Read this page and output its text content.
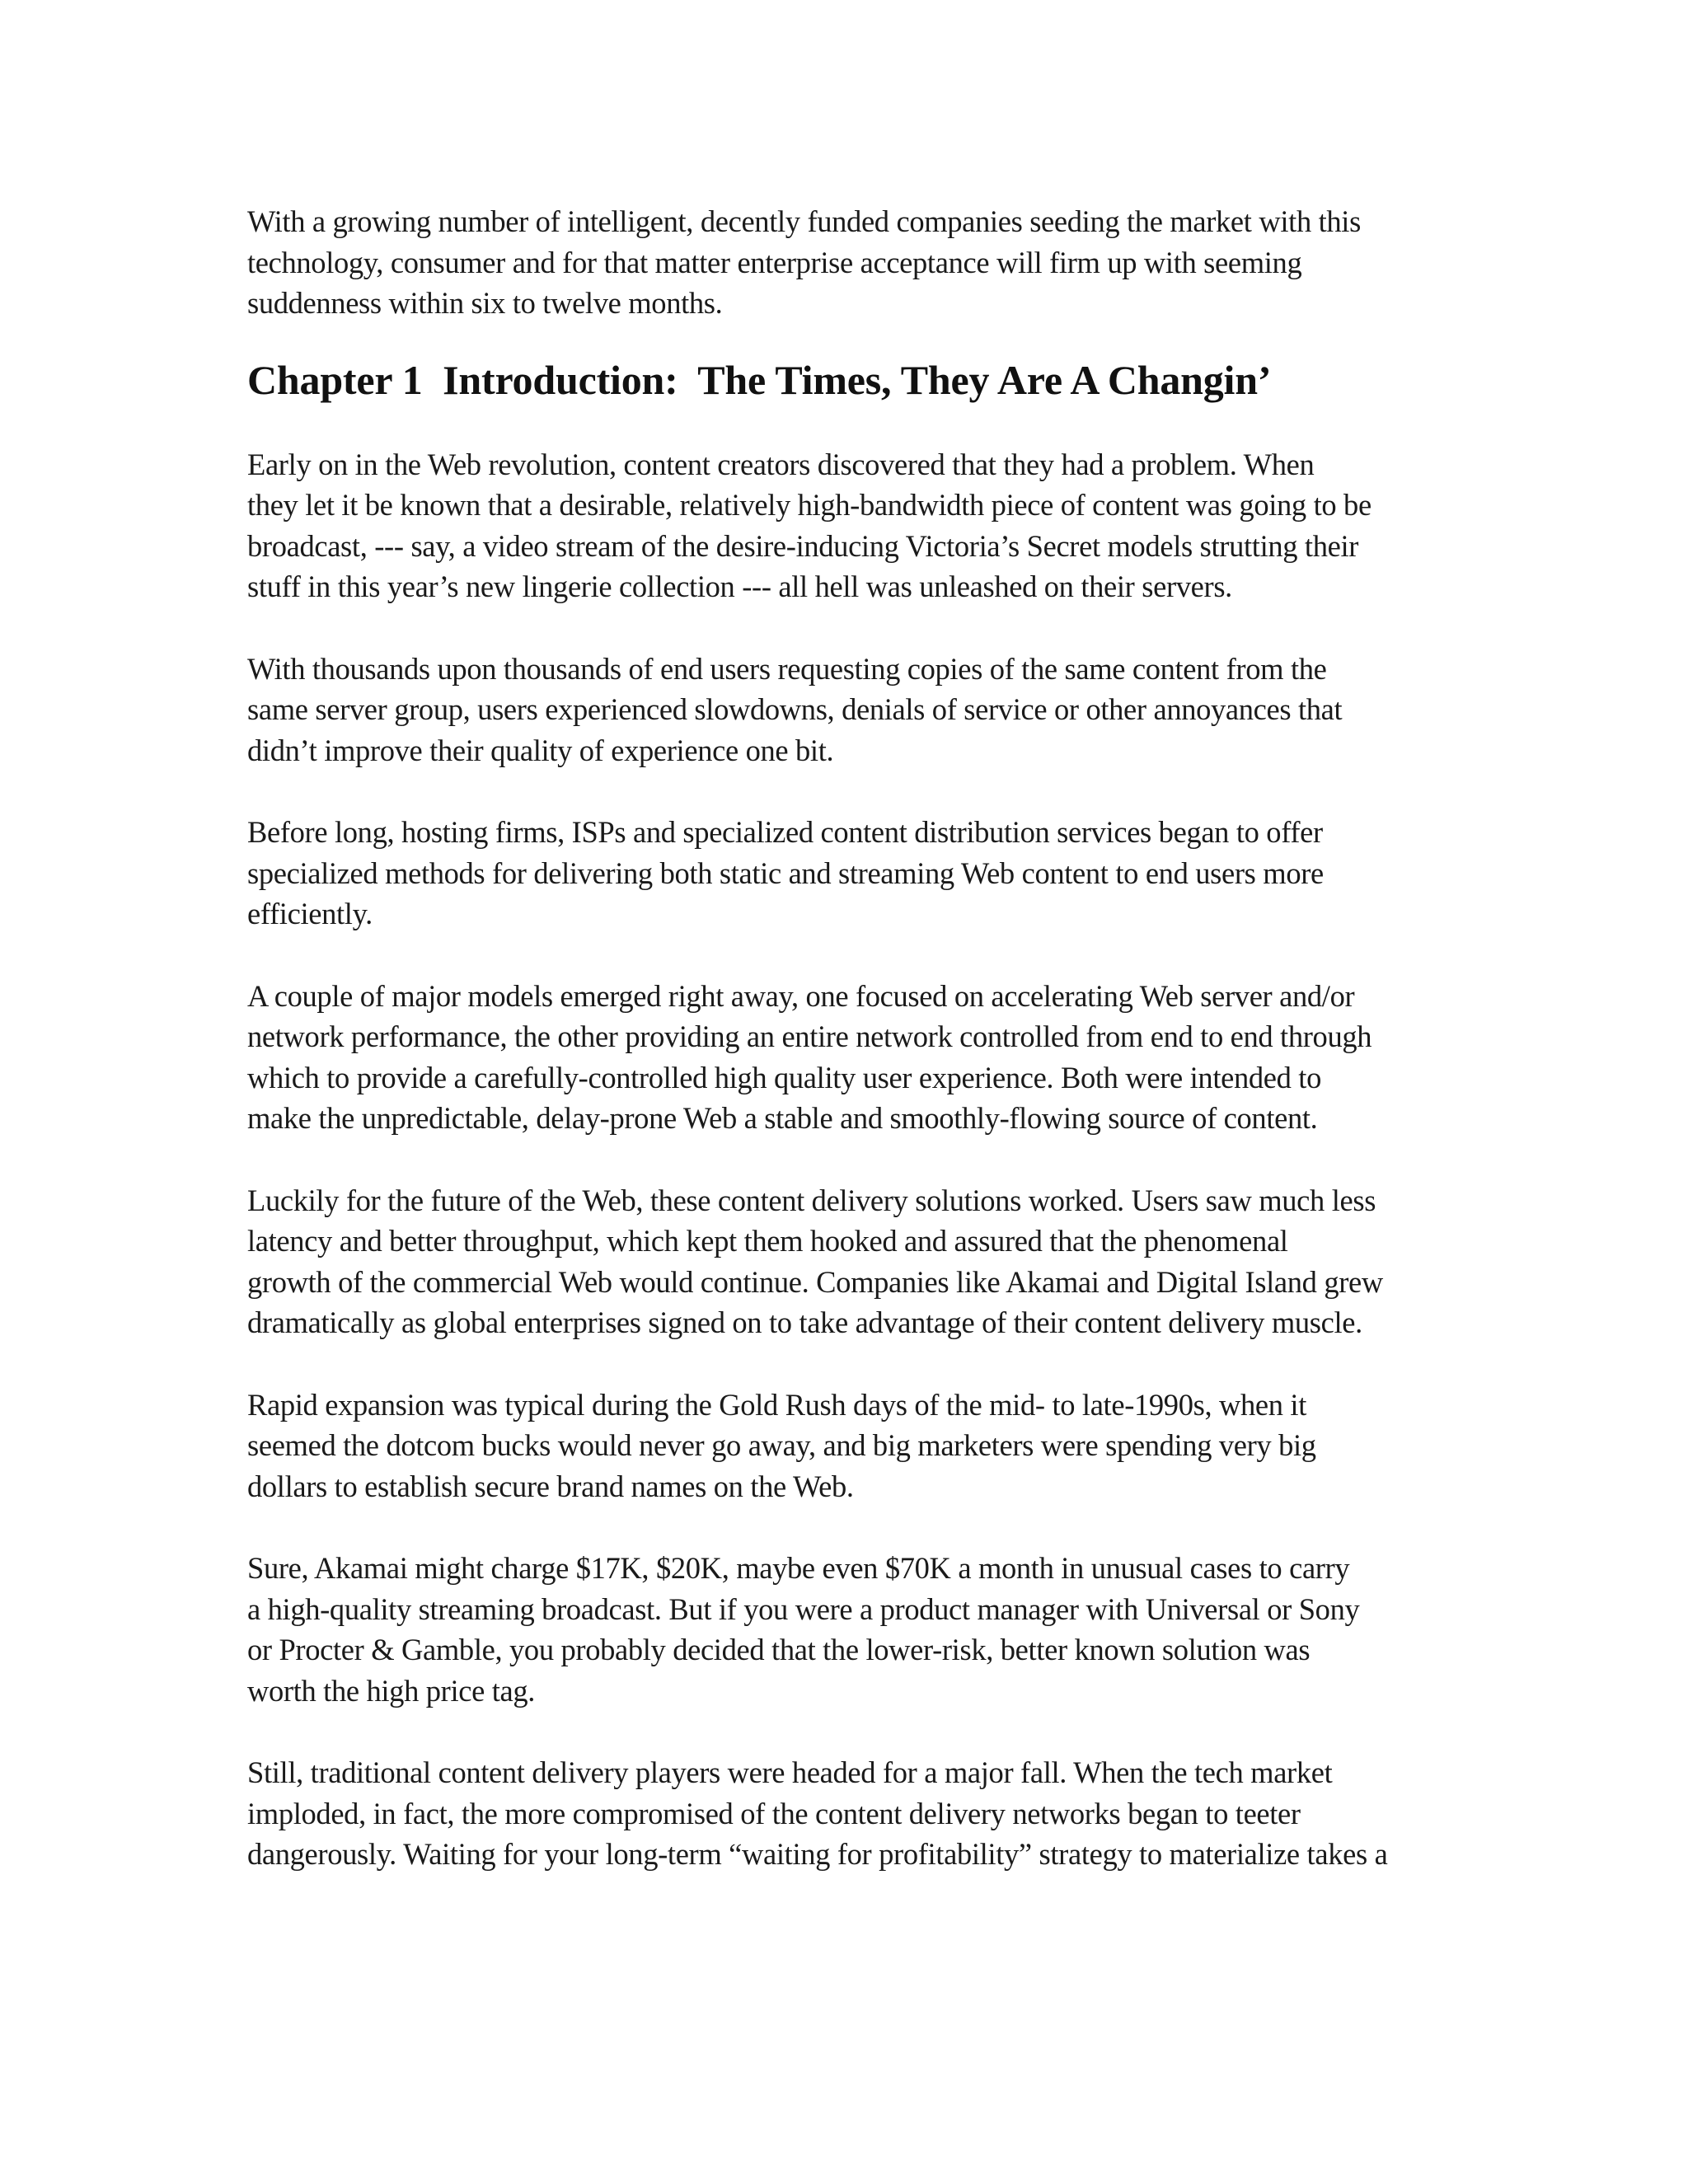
With a growing number of intelligent, decently funded companies seeding the market with this
technology, consumer and for that matter enterprise acceptance will firm up with seeming
suddenness within six to twelve months.

Chapter 1  Introduction:  The Times, They Are A Changin’

Early on in the Web revolution, content creators discovered that they had a problem. When
they let it be known that a desirable, relatively high-bandwidth piece of content was going to be
broadcast, --- say, a video stream of the desire-inducing Victoria’s Secret models strutting their
stuff in this year’s new lingerie collection --- all hell was unleashed on their servers.

With thousands upon thousands of end users requesting copies of the same content from the
same server group, users experienced slowdowns, denials of service or other annoyances that
didn’t improve their quality of experience one bit.

Before long, hosting firms, ISPs and specialized content distribution services began to offer
specialized methods for delivering both static and streaming Web content to end users more
efficiently.

A couple of major models emerged right away, one focused on accelerating Web server and/or
network performance, the other providing an entire network controlled from end to end through
which to provide a carefully-controlled high quality user experience. Both were intended to
make the unpredictable, delay-prone Web a stable and smoothly-flowing source of content.

Luckily for the future of the Web, these content delivery solutions worked. Users saw much less
latency and better throughput, which kept them hooked and assured that the phenomenal
growth of the commercial Web would continue. Companies like Akamai and Digital Island grew
dramatically as global enterprises signed on to take advantage of their content delivery muscle.

Rapid expansion was typical during the Gold Rush days of the mid- to late-1990s, when it
seemed the dotcom bucks would never go away, and big marketers were spending very big
dollars to establish secure brand names on the Web.

Sure, Akamai might charge $17K, $20K, maybe even $70K a month in unusual cases to carry
a high-quality streaming broadcast. But if you were a product manager with Universal or Sony
or Procter & Gamble, you probably decided that the lower-risk, better known solution was
worth the high price tag.

Still, traditional content delivery players were headed for a major fall. When the tech market
imploded, in fact, the more compromised of the content delivery networks began to teeter
dangerously. Waiting for your long-term “waiting for profitability” strategy to materialize takes a
